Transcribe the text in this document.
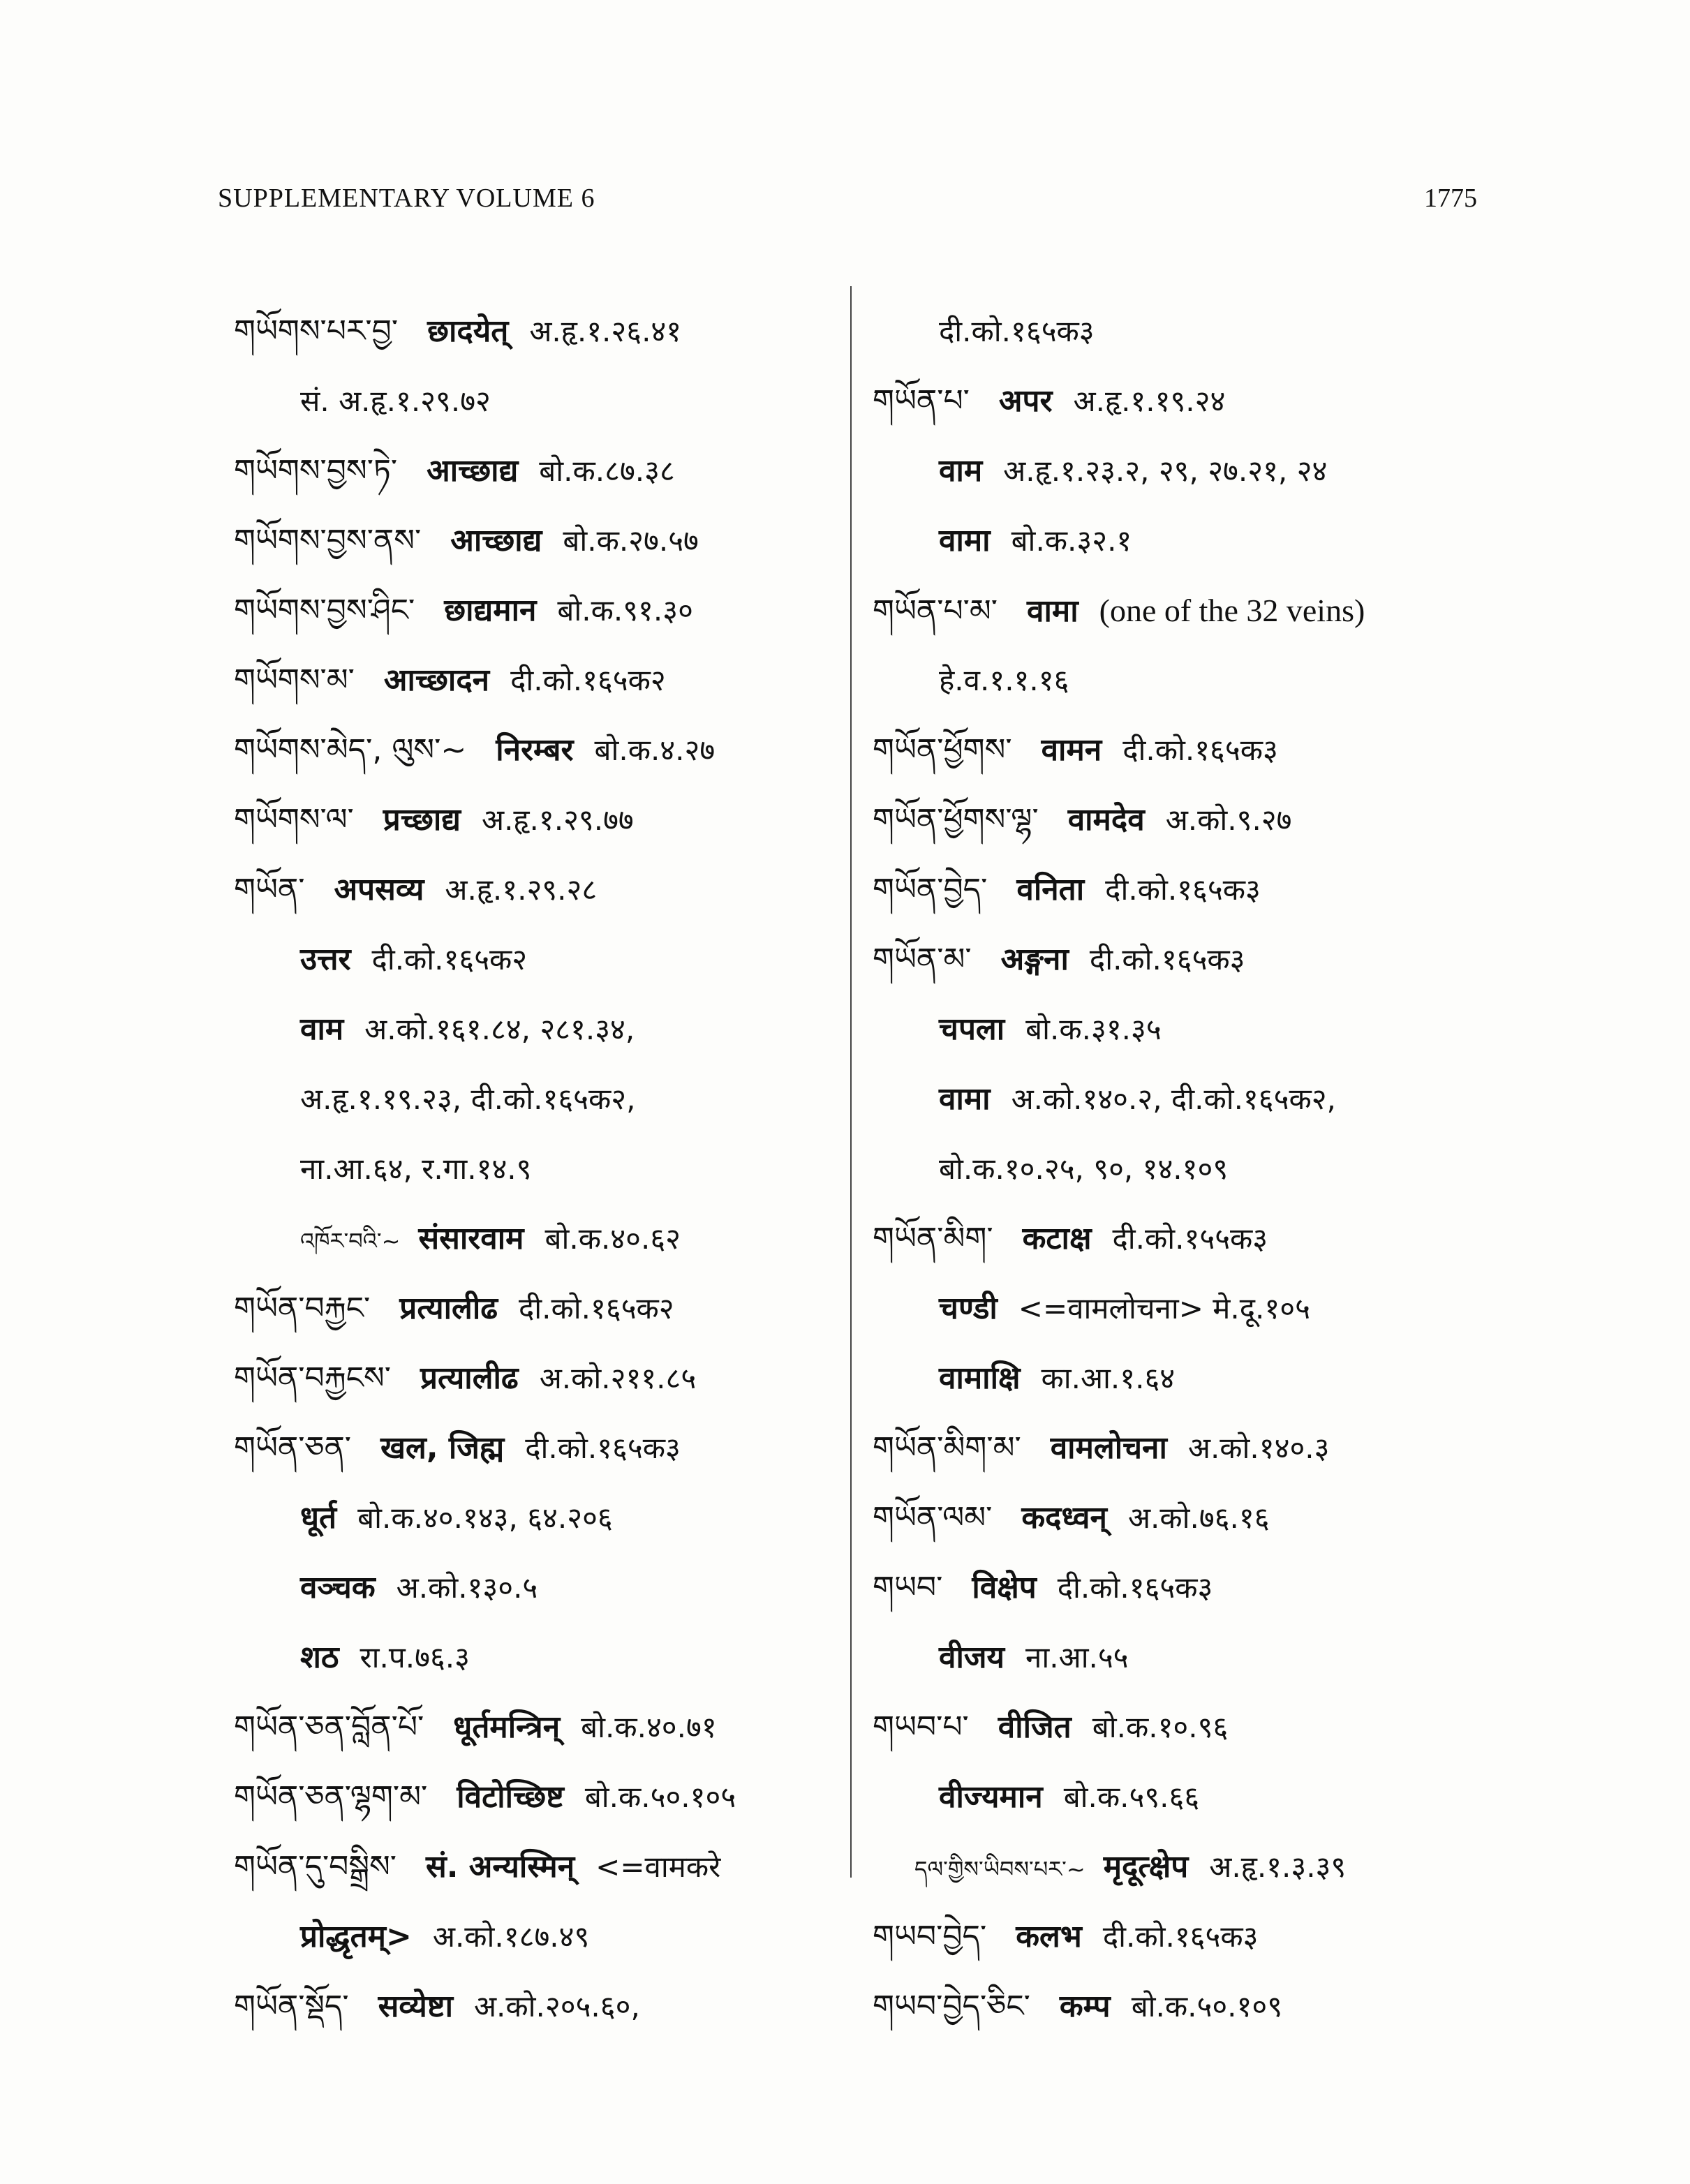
SUPPLEMENTARY VOLUME 6	1775
གཡོགས་པར་བྱ་ छादयेत् अ.हृ.१.२६.४१
सं. अ.हृ.१.२९.७२
གཡོགས་བྱས་ཏེ་ आच्छाद्य बो.क.८७.३८
གཡོགས་བྱས་ནས་ आच्छाद्य बो.क.२७.५७
གཡོགས་བྱས་ཤིང་ छाद्यमान बो.क.९१.३०
གཡོགས་མ་ आच्छादन दी.को.१६५क२
གཡོགས་མེད་, ལུས་~ निरम्बर बो.क.४.२७
གཡོགས་ལ་ प्रच्छाद्य अ.हृ.१.२९.७७
གཡོན་ अपसव्य अ.हृ.१.२९.२८
उत्तर दी.को.१६५क२
वाम अ.को.१६१.८४, २८१.३४,
अ.हृ.१.१९.२३, दी.को.१६५क२,
ना.आ.६४, र.गा.१४.९
འཁོར་བའི་~ संसारवाम बो.क.४०.६२
གཡོན་བརྐྱང་ प्रत्यालीढ दी.को.१६५क२
གཡོན་བརྐྱངས་ प्रत्यालीढ अ.को.२११.८५
གཡོན་ཅན་ खल, जिह्म दी.को.१६५क३
धूर्त बो.क.४०.१४३, ६४.२०६
वञ्चक अ.को.१३०.५
शठ रा.प.७६.३
གཡོན་ཅན་བློན་པོ་ धूर्तमन्त्रिन् बो.क.४०.७१
གཡོན་ཅན་ལྷག་མ་ विटोच्छिष्ट बो.क.५०.१०५
གཡོན་དུ་བསྒྲིས་ सं. अन्यस्मिन् <=वामकरे
प्रोद्धृतम्> अ.को.१८७.४९
གཡོན་སྡོད་ सव्येष्टा अ.को.२०५.६०,
दी.को.१६५क३
གཡོན་པ་ अपर अ.हृ.१.१९.२४
वाम अ.हृ.१.२३.२, २९, २७.२१, २४
वामा बो.क.३२.१
གཡོན་པ་མ་ वामा (one of the 32 veins)
हे.व.१.१.१६
གཡོན་ཕྱོགས་ वामन दी.को.१६५क३
གཡོན་ཕྱོགས་ལྷ་ वामदेव अ.को.९.२७
གཡོན་བྱེད་ वनिता दी.को.१६५क३
གཡོན་མ་ अङ्गना दी.को.१६५क३
चपला बो.क.३१.३५
वामा अ.को.१४०.२, दी.को.१६५क२,
बो.क.१०.२५, ९०, १४.१०९
གཡོན་མིག་ कटाक्ष दी.को.१५५क३
चण्डी <=वामलोचना> मे.दू.१०५
वामाक्षि का.आ.१.६४
གཡོན་མིག་མ་ वामलोचना अ.को.१४०.३
གཡོན་ལམ་ कदध्वन् अ.को.७६.१६
གཡབ་ विक्षेप दी.को.१६५क३
वीजय ना.आ.५५
གཡབ་པ་ वीजित बो.क.१०.९६
वीज्यमान बो.क.५९.६६
དལ་གྱིས་ཡིབས་པར་~ मृदूत्क्षेप अ.हृ.१.३.३९
གཡབ་བྱེད་ कलभ दी.को.१६५क३
གཡབ་བྱེད་ཅིང་ कम्प बो.क.५०.१०९
